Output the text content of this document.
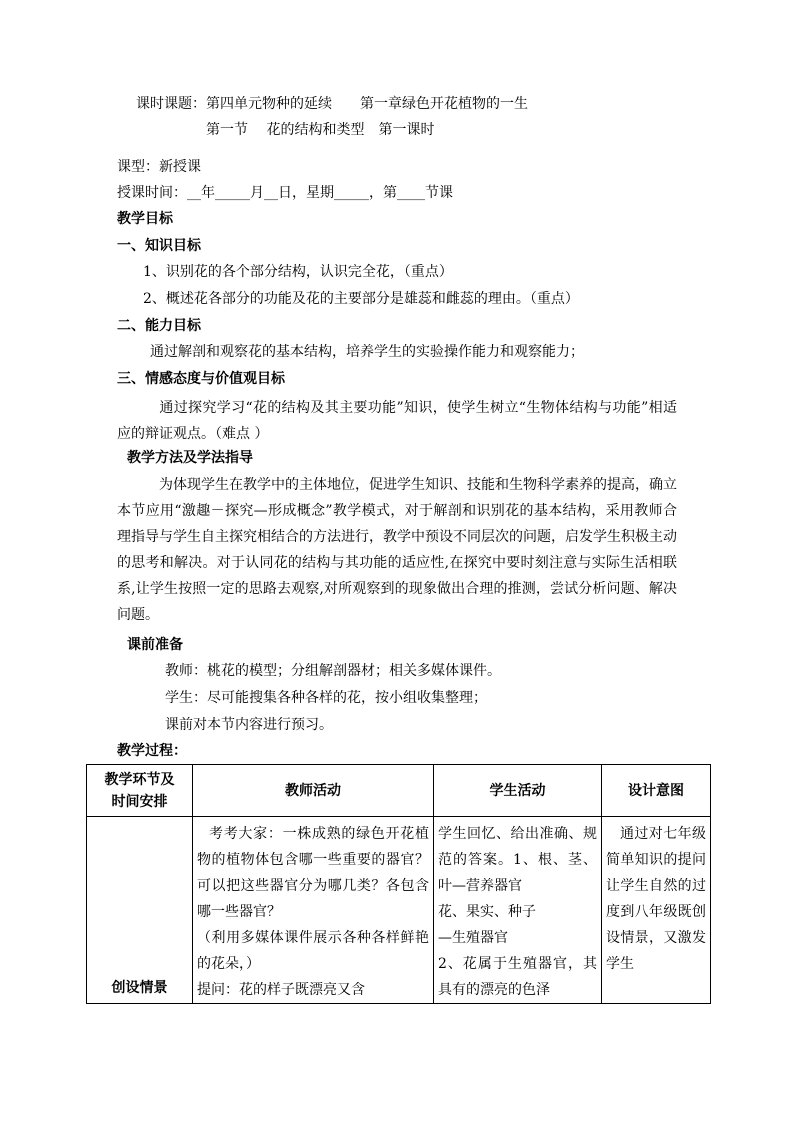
课时课题：第四单元物种的延续　　第一章绿色开花植物的一生
第一节　 花的结构和类型　第一课时
课型：新授课
授课时间：__年_____月__日，星期_____，第____节课
教学目标
一、知识目标
1、识别花的各个部分结构，认识完全花，（重点）
2、概述花各部分的功能及花的主要部分是雄蕊和雌蕊的理由。（重点）
二、能力目标
通过解剖和观察花的基本结构，培养学生的实验操作能力和观察能力；
三、情感态度与价值观目标
通过探究学习“花的结构及其主要功能”知识，使学生树立“生物体结构与功能”相适应的辩证观点。（难点 ）
教学方法及学法指导
为体现学生在教学中的主体地位，促进学生知识、技能和生物科学素养的提高，确立本节应用“激趣－探究—形成概念”教学模式，对于解剖和识别花的基本结构，采用教师合理指导与学生自主探究相结合的方法进行，教学中预设不同层次的问题，启发学生积极主动的思考和解决。对于认同花的结构与其功能的适应性,在探究中要时刻注意与实际生活相联系,让学生按照一定的思路去观察,对所观察到的现象做出合理的推测，尝试分析问题、解决问题。
课前准备
教师：桃花的模型；分组解剖器材；相关多媒体课件。
学生：尽可能搜集各种各样的花，按小组收集整理；
课前对本节内容进行预习。
教学过程：
教学环节及时间安排	教师活动	学生活动	设计意图

创设情景	考考大家：一株成熟的绿色开花植物的植物体包含哪一些重要的器官？可以把这些器官分为哪几类？各包含哪一些器官？
（利用多媒体课件展示各种各样鲜艳的花朵，）
提问：花的样子既漂亮又含	学生回忆、给出准确、规范的答案。1、根、茎、叶—营养器官
花、果实、种子
—生殖器官
2、花属于生殖器官，其具有的漂亮的色泽	通过对七年级简单知识的提问让学生自然的过度到八年级既创设情景，又激发学生
